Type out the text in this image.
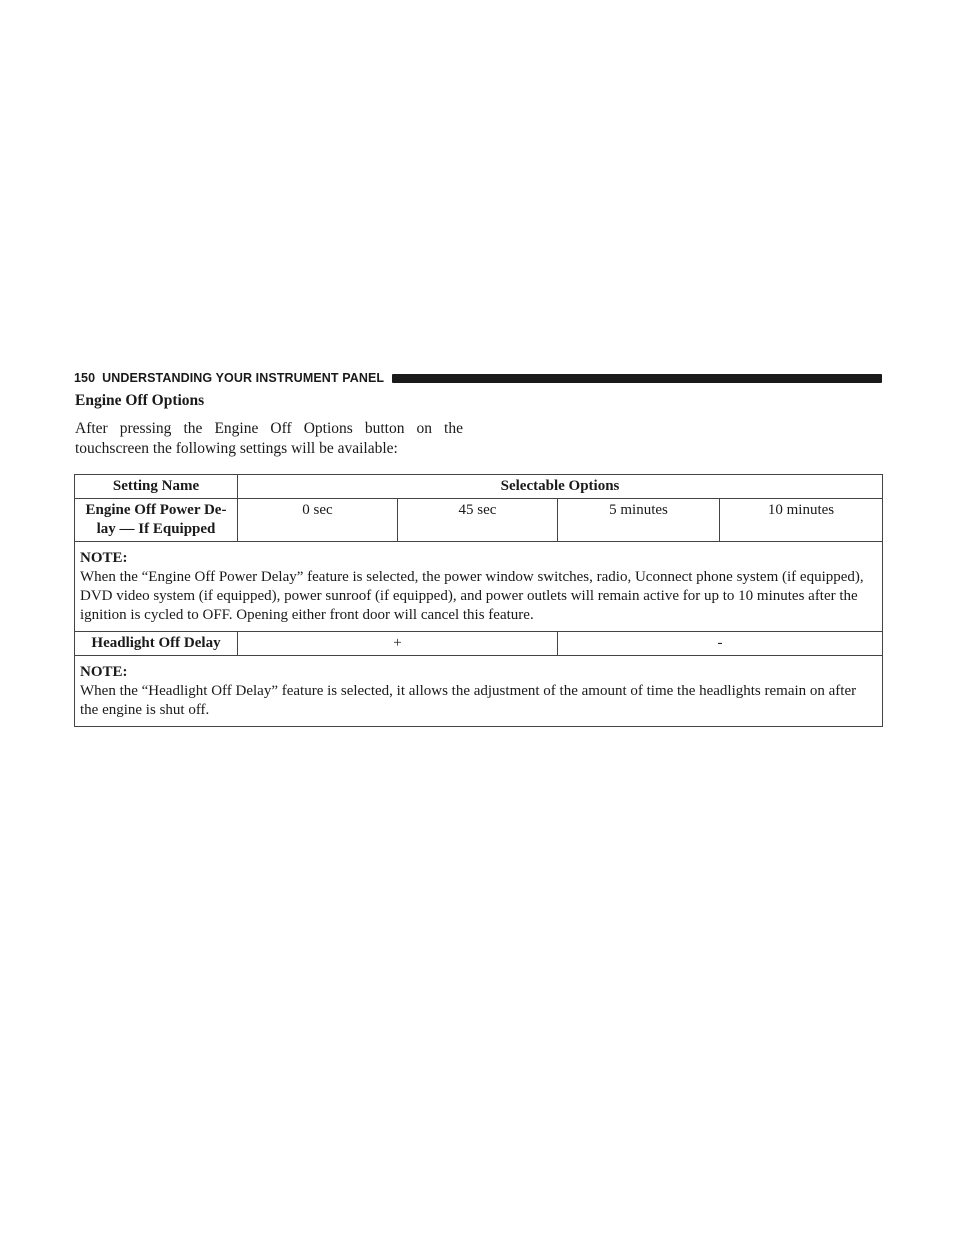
150 UNDERSTANDING YOUR INSTRUMENT PANEL
Engine Off Options

After pressing the Engine Off Options button on the touchscreen the following settings will be available:

Setting Name	Selectable Options			
Engine Off Power De-
lay — If Equipped	0 sec	45 sec	5 minutes	10 minutes

NOTE:
When the “Engine Off Power Delay” feature is selected, the power window switches, radio, Uconnect phone system (if equipped), DVD video system (if equipped), power sunroof (if equipped), and power outlets will remain active for up to 10 minutes after the ignition is cycled to OFF. Opening either front door will cancel this feature.				

Headlight Off Delay	+		-	

NOTE:
When the “Headlight Off Delay” feature is selected, it allows the adjustment of the amount of time the headlights remain on after the engine is shut off.				
